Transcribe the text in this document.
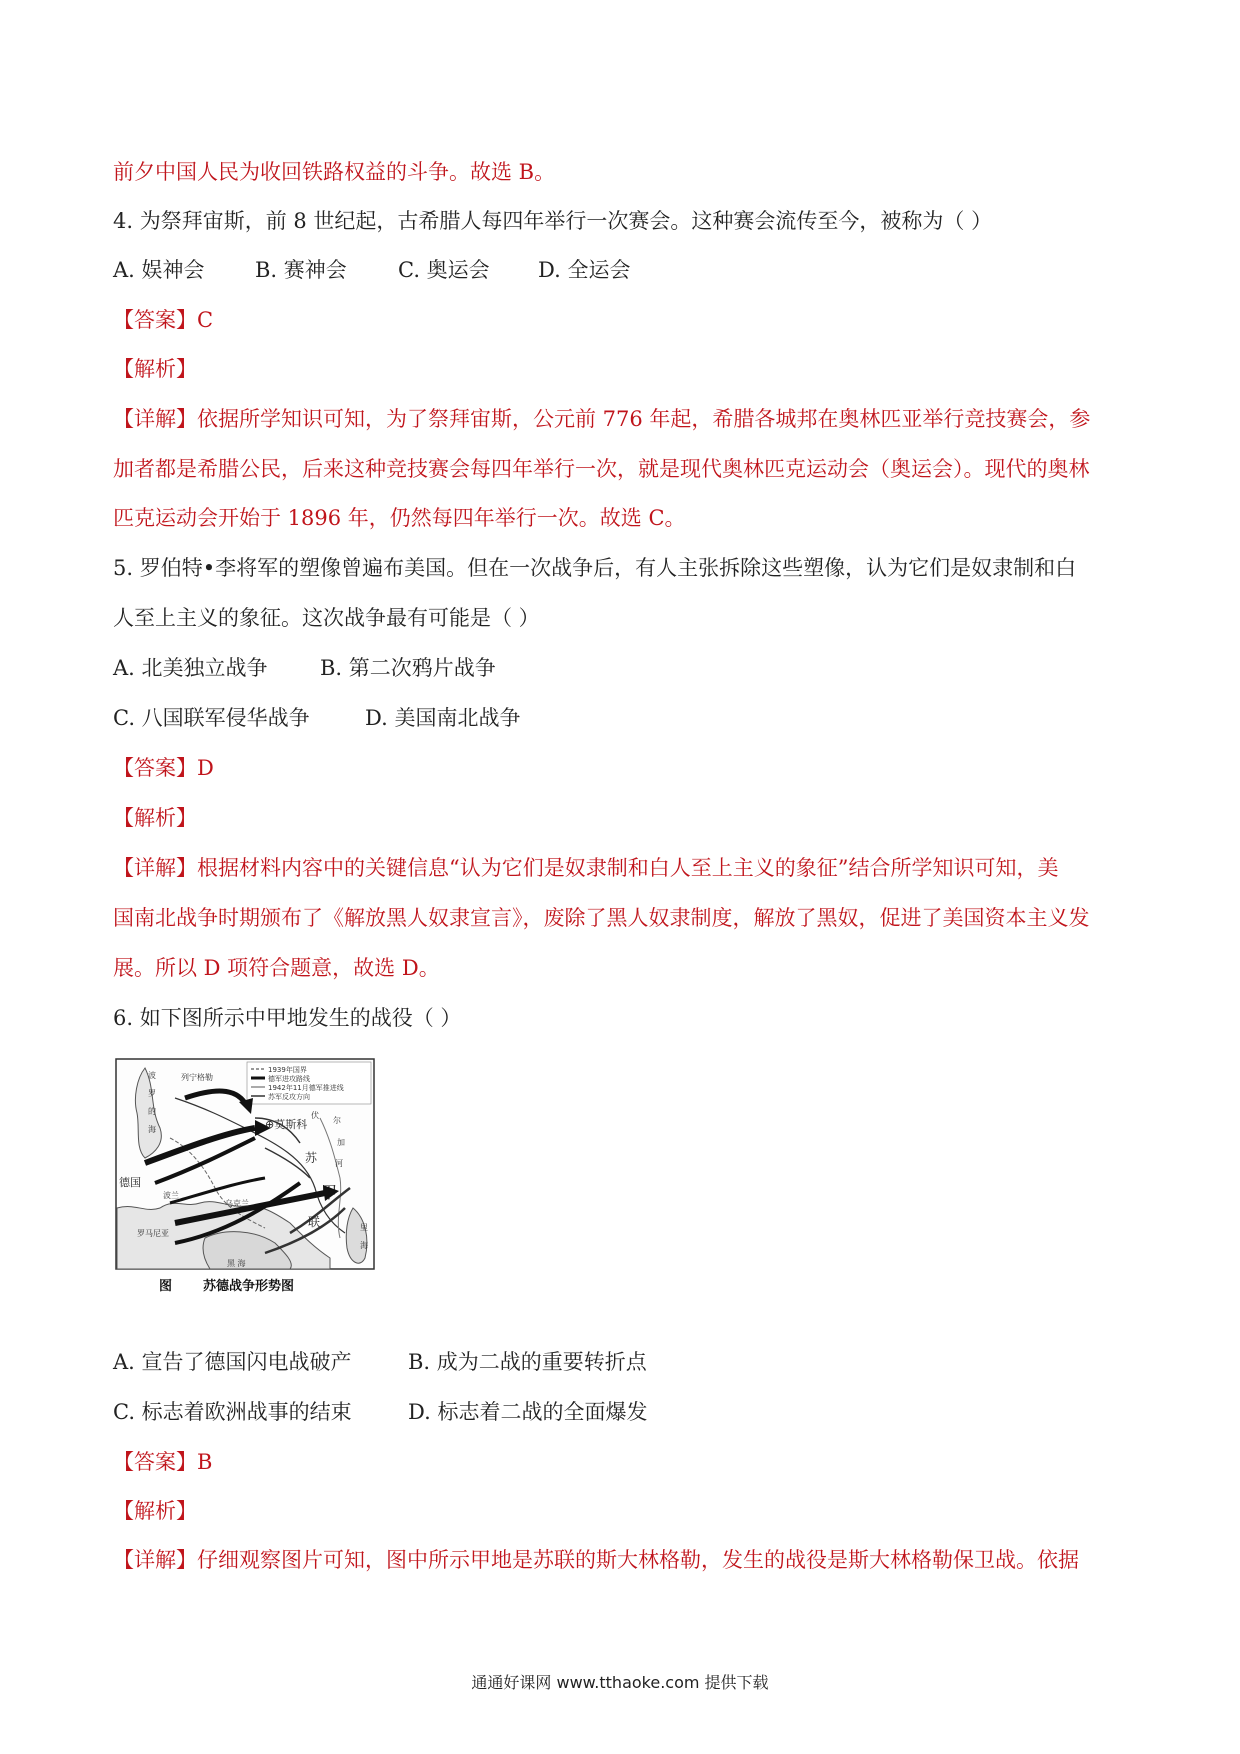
前夕中国人民为收回铁路权益的斗争。故选 B。
4. 为祭拜宙斯，前 8 世纪起，古希腊人每四年举行一次赛会。这种赛会流传至今，被称为（ ）
A. 娱神会 B. 赛神会 C. 奥运会 D. 全运会
【答案】C
【解析】
【详解】依据所学知识可知，为了祭拜宙斯，公元前 776 年起，希腊各城邦在奥林匹亚举行竞技赛会，参
加者都是希腊公民，后来这种竞技赛会每四年举行一次，就是现代奥林匹克运动会（奥运会）。现代的奥林
匹克运动会开始于 1896 年，仍然每四年举行一次。故选 C。
5. 罗伯特•李将军的塑像曾遍布美国。但在一次战争后，有人主张拆除这些塑像，认为它们是奴隶制和白
人至上主义的象征。这次战争最有可能是（ ）
A. 北美独立战争 B. 第二次鸦片战争
C. 八国联军侵华战争	D. 美国南北战争
【答案】D
【解析】
【详解】根据材料内容中的关键信息“认为它们是奴隶制和白人至上主义的象征”结合所学知识可知，美
国南北战争时期颁布了《解放黑人奴隶宣言》，废除了黑人奴隶制度，解放了黑奴，促进了美国资本主义发
展。所以 D 项符合题意，故选 D。
6. 如下图所示中甲地发生的战役（ ）
1939年国界
德军进攻路线
1942年11月德军推进线
苏军反攻方向
⊕莫斯科
苏
联
甲
德国
波兰
乌克兰
罗马尼亚
黑 海
波
罗
的
海
列宁格勒
伏
尔
加
河
里
海
图 苏德战争形势图
A. 宣告了德国闪电战破产	B. 成为二战的重要转折点
C. 标志着欧洲战事的结束	D. 标志着二战的全面爆发
【答案】B
【解析】
【详解】仔细观察图片可知，图中所示甲地是苏联的斯大林格勒，发生的战役是斯大林格勒保卫战。依据
通通好课网 www.tthaoke.com 提供下载
